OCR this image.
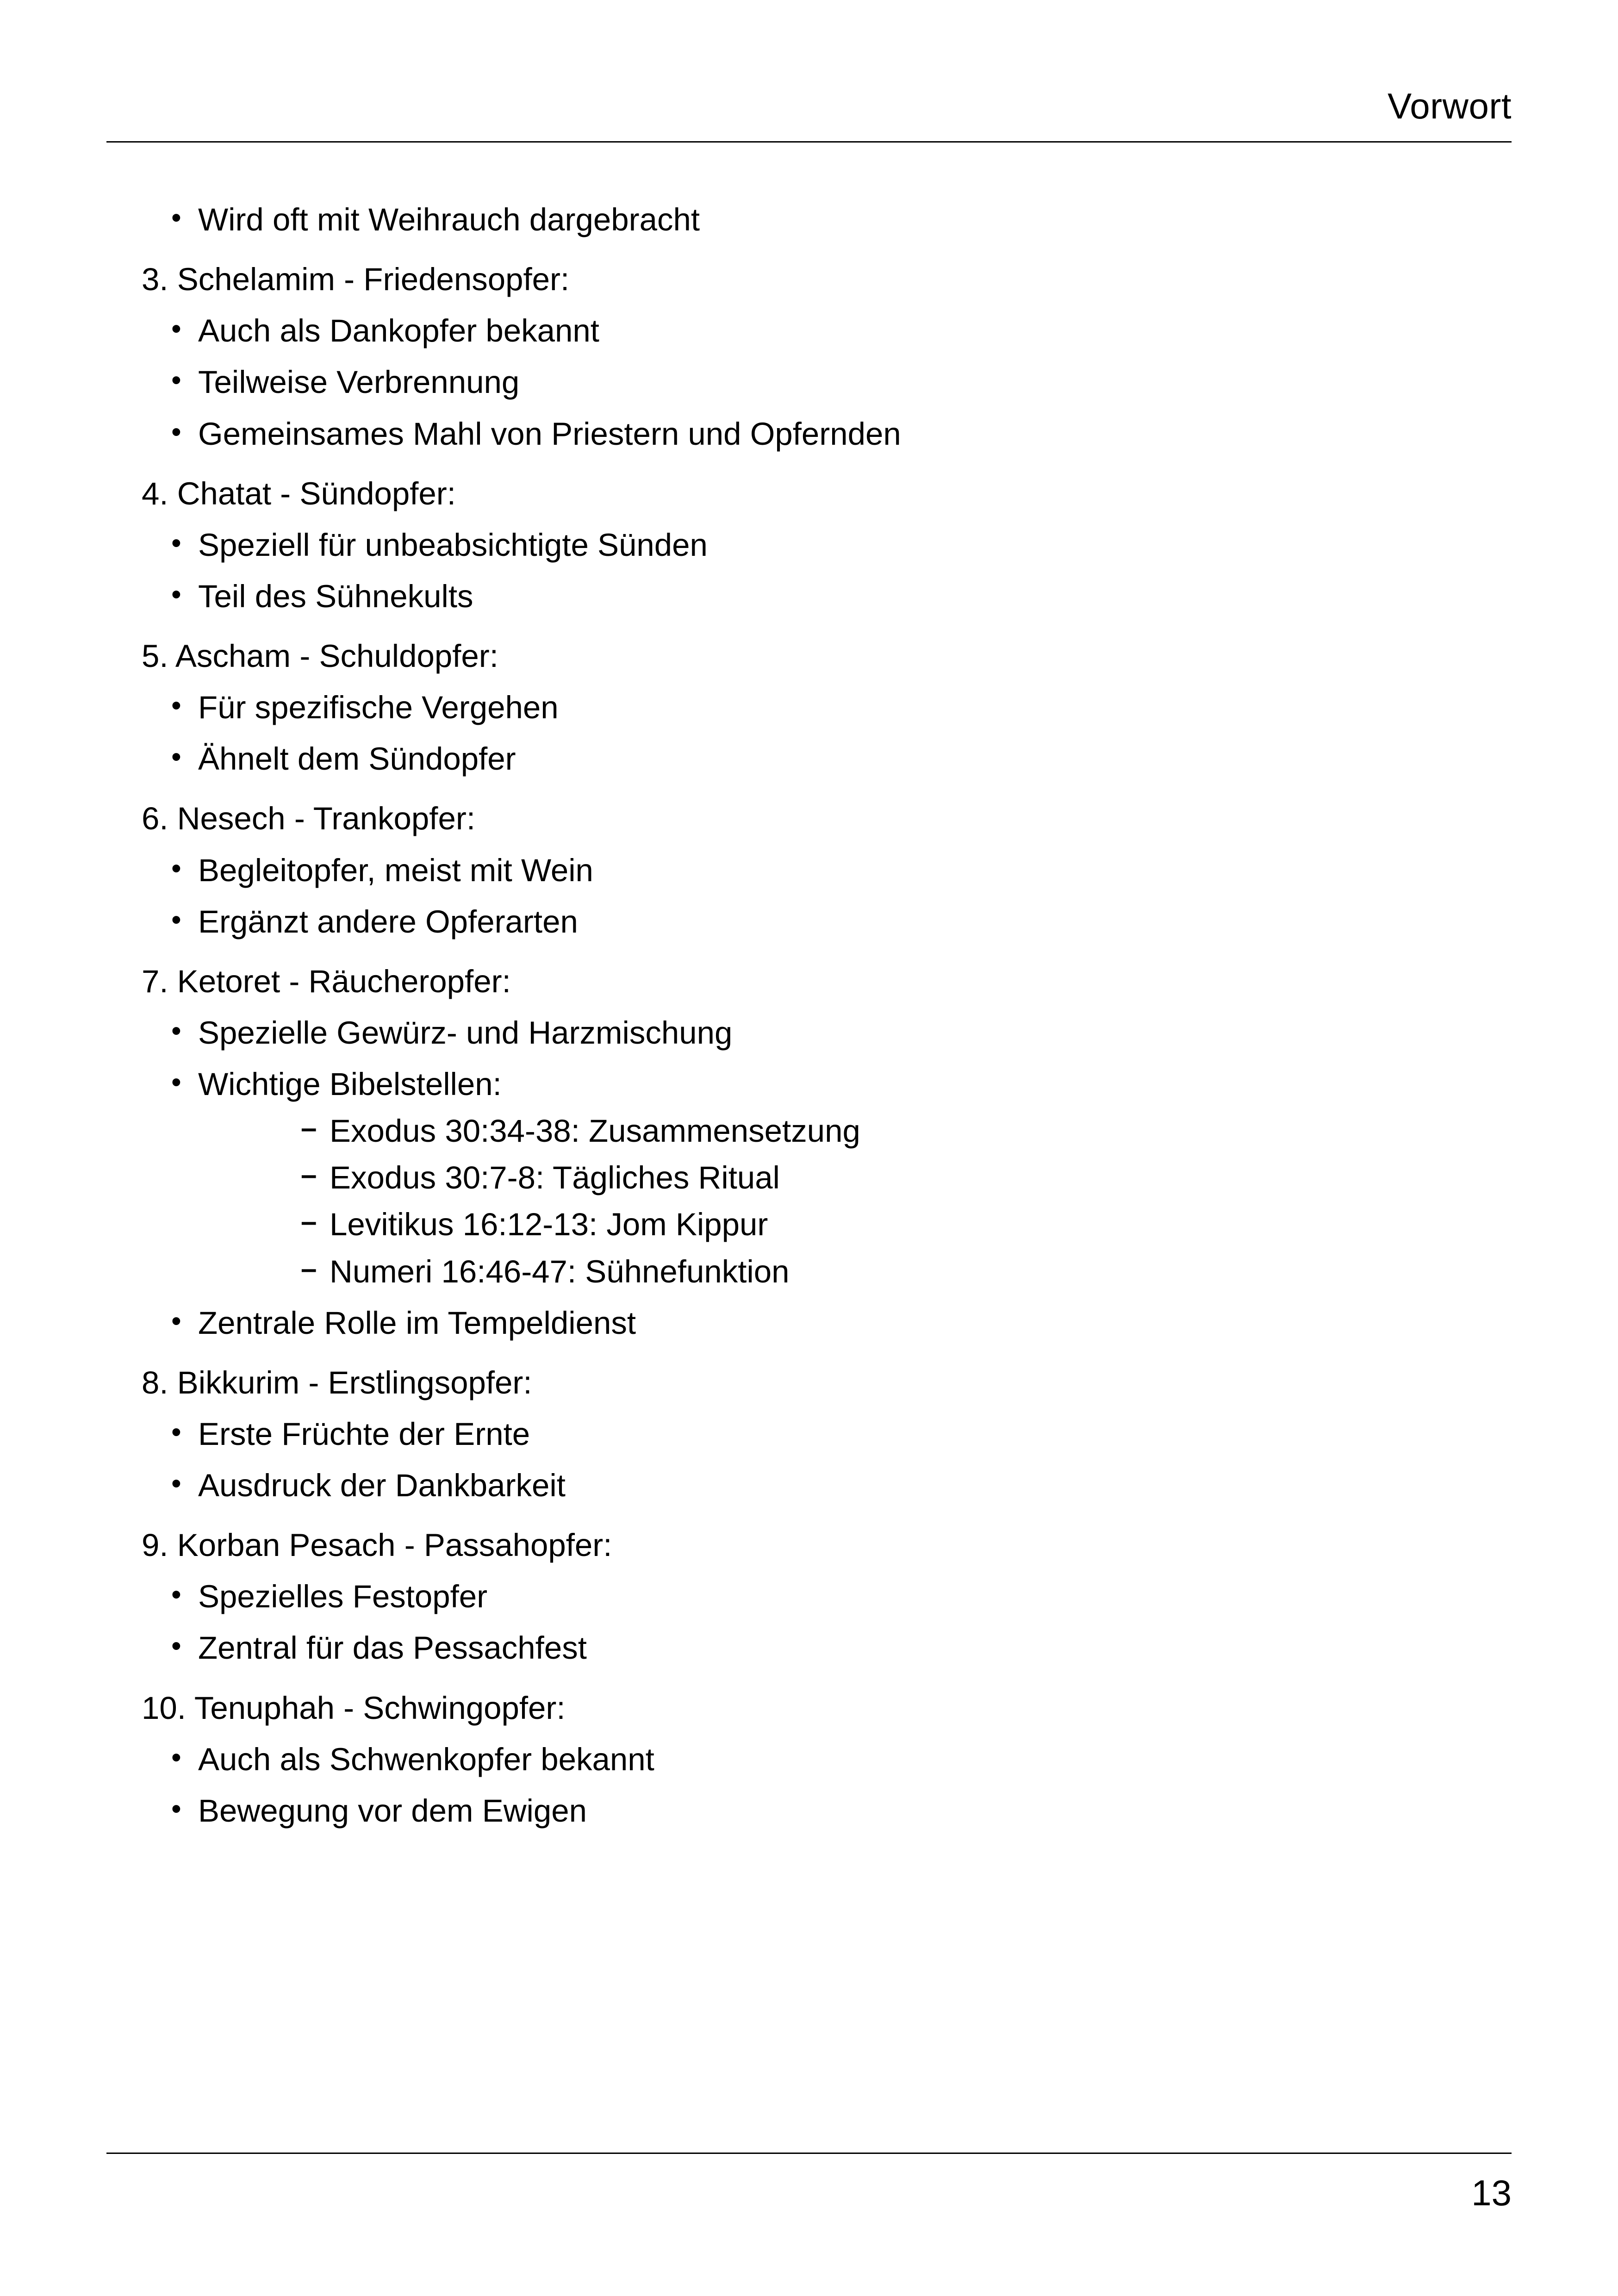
Vorwort
• Wird oft mit Weihrauch dargebracht
3. Schelamim - Friedensopfer:
• Auch als Dankopfer bekannt
• Teilweise Verbrennung
• Gemeinsames Mahl von Priestern und Opfernden
4. Chatat - Sündopfer:
• Speziell für unbeabsichtigte Sünden
• Teil des Sühnekults
5. Ascham - Schuldopfer:
• Für spezifische Vergehen
• Ähnelt dem Sündopfer
6. Nesech - Trankopfer:
• Begleitopfer, meist mit Wein
• Ergänzt andere Opferarten
7. Ketoret - Räucheropfer:
• Spezielle Gewürz- und Harzmischung
• Wichtige Bibelstellen:
– Exodus 30:34-38: Zusammensetzung
– Exodus 30:7-8: Tägliches Ritual
– Levitikus 16:12-13: Jom Kippur
– Numeri 16:46-47: Sühnefunktion
• Zentrale Rolle im Tempeldienst
8. Bikkurim - Erstlingsopfer:
• Erste Früchte der Ernte
• Ausdruck der Dankbarkeit
9. Korban Pesach - Passahopfer:
• Spezielles Festopfer
• Zentral für das Pessachfest
10. Tenuphah - Schwingopfer:
• Auch als Schwenkopfer bekannt
• Bewegung vor dem Ewigen
13
